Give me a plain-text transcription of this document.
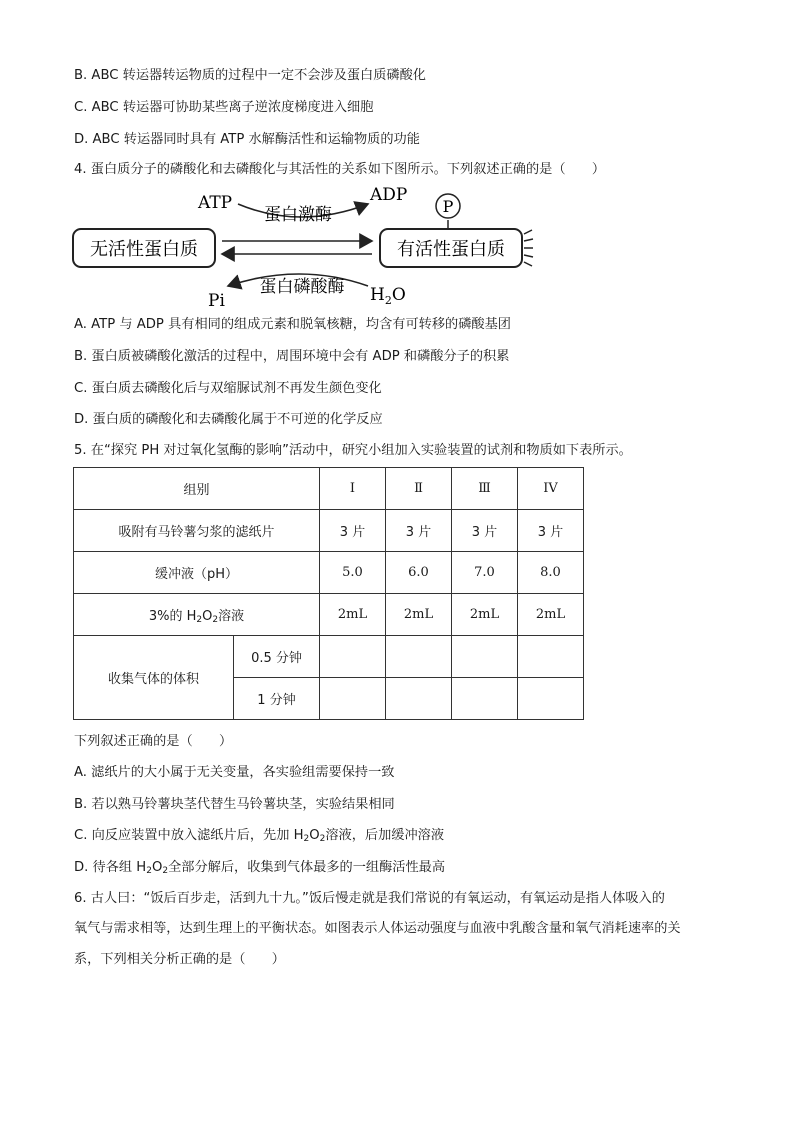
B. ABC 转运器转运物质的过程中一定不会涉及蛋白质磷酸化
C. ABC 转运器可协助某些离子逆浓度梯度进入细胞
D. ABC 转运器同时具有 ATP 水解酶活性和运输物质的功能
4. 蛋白质分子的磷酸化和去磷酸化与其活性的关系如下图所示。下列叙述正确的是（　　）
无活性蛋白质	有活性蛋白质
P
ATP	ADP
蛋白激酶
Pi
蛋白磷酸酶 $H_2O$
A. ATP 与 ADP 具有相同的组成元素和脱氧核糖，均含有可转移的磷酸基团
B. 蛋白质被磷酸化激活的过程中，周围环境中会有 ADP 和磷酸分子的积累
C. 蛋白质去磷酸化后与双缩脲试剂不再发生颜色变化
D. 蛋白质的磷酸化和去磷酸化属于不可逆的化学反应
5. 在“探究 PH 对过氧化氢酶的影响”活动中，研究小组加入实验装置的试剂和物质如下表所示。
组别		I	Ⅱ	Ⅲ	IV
吸附有马铃薯匀浆的滤纸片		3 片	3 片	3 片	3 片
缓冲液（pH）		5.0	6.0	7.0	8.0
3%的 $H_2O_2$溶液		2mL	2mL	2mL	2mL
收集气体的体积	0.5 分钟				
	1 分钟				
下列叙述正确的是（　　）
A. 滤纸片的大小属于无关变量，各实验组需要保持一致
B. 若以熟马铃薯块茎代替生马铃薯块茎，实验结果相同
C. 向反应装置中放入滤纸片后，先加 $H_2O_2$溶液，后加缓冲溶液
D. 待各组 $H_2O_2$全部分解后，收集到气体最多的一组酶活性最高
6. 古人曰：“饭后百步走，活到九十九。”饭后慢走就是我们常说的有氧运动，有氧运动是指人体吸入的
氧气与需求相等，达到生理上的平衡状态。如图表示人体运动强度与血液中乳酸含量和氧气消耗速率的关
系，下列相关分析正确的是（　　）
